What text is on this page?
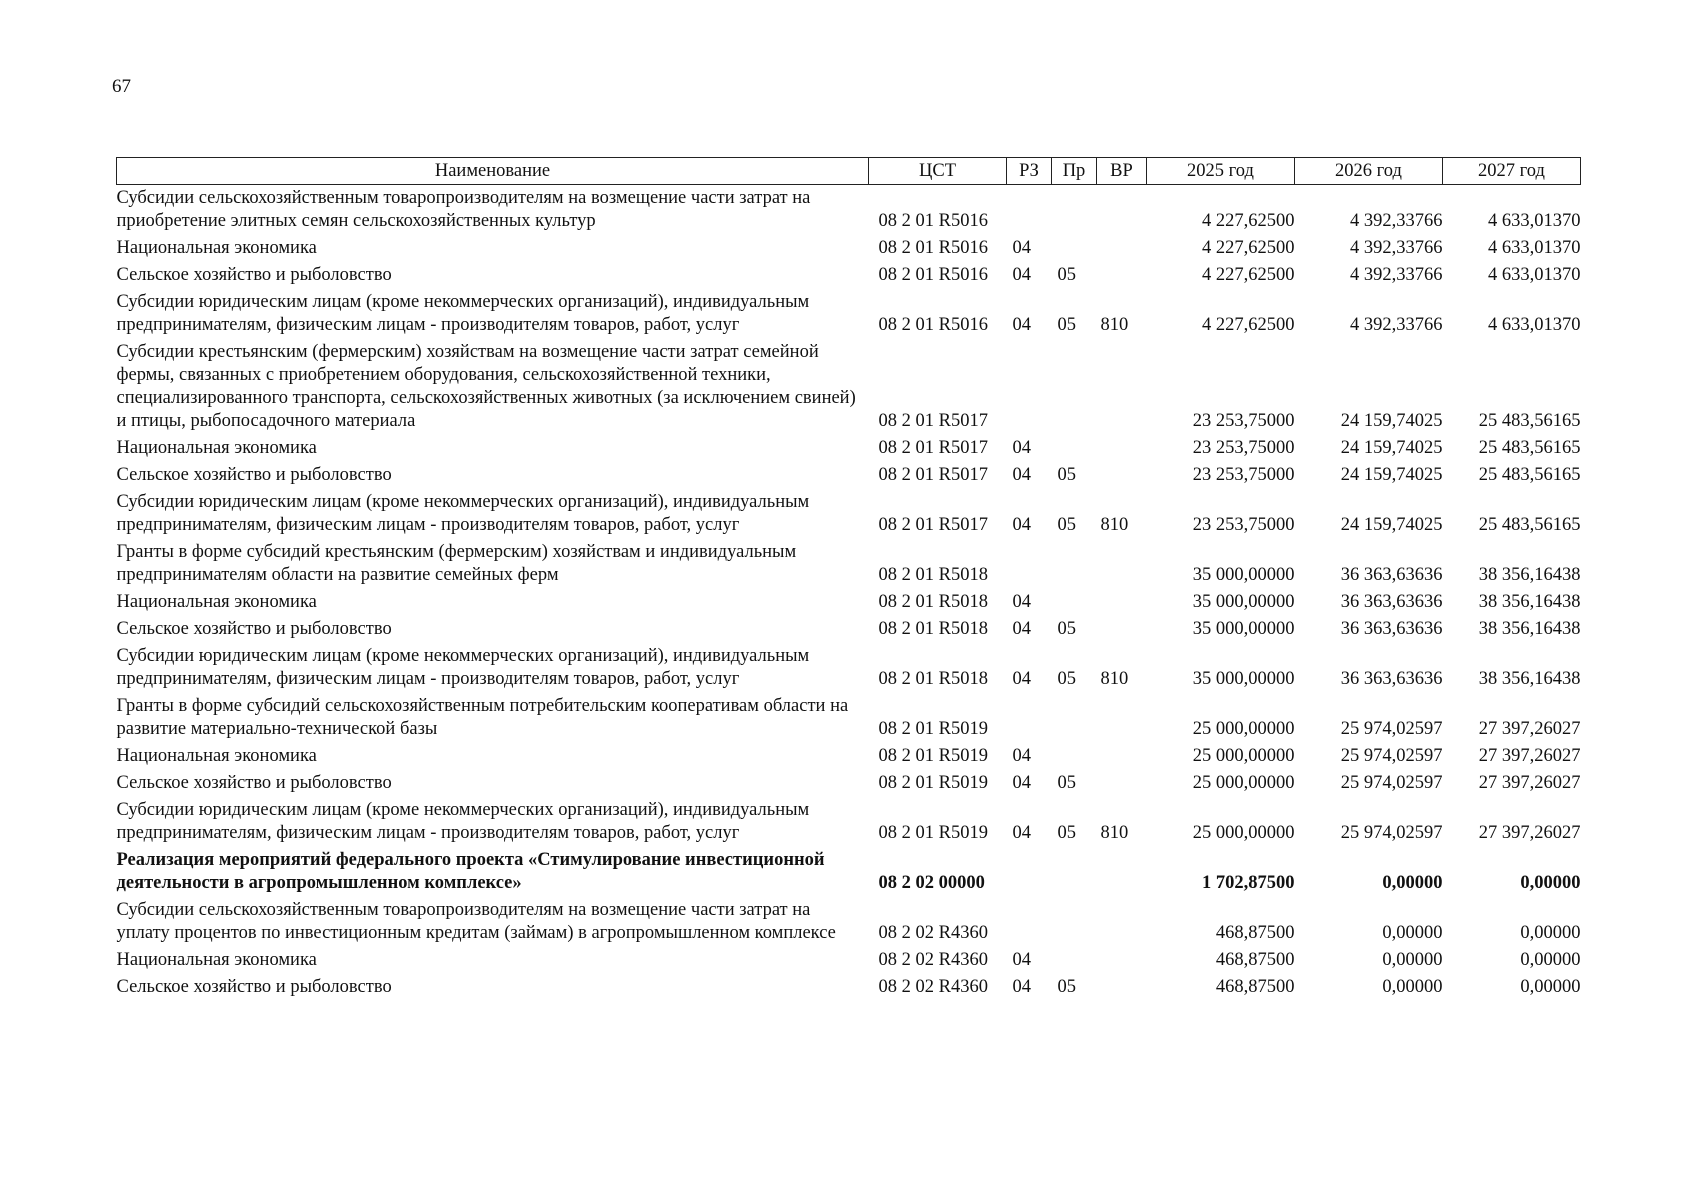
67
Наименование	ЦСТ	РЗ	Пр	ВР	2025 год	2026 год	2027 год
Субсидии сельскохозяйственным товаропроизводителям на возмещение части затрат на приобретение элитных семян сельскохозяйственных культур	08 2 01 R5016				4 227,62500	4 392,33766	4 633,01370
Национальная экономика	08 2 01 R5016	04			4 227,62500	4 392,33766	4 633,01370
Сельское хозяйство и рыболовство	08 2 01 R5016	04	05		4 227,62500	4 392,33766	4 633,01370
Субсидии юридическим лицам (кроме некоммерческих организаций), индивидуальным предпринимателям, физическим лицам - производителям товаров, работ, услуг	08 2 01 R5016	04	05	810	4 227,62500	4 392,33766	4 633,01370
Субсидии крестьянским (фермерским) хозяйствам на возмещение части затрат семейной фермы, связанных с приобретением оборудования, сельскохозяйственной техники, специализированного транспорта, сельскохозяйственных животных (за исключением свиней) и птицы, рыбопосадочного материала	08 2 01 R5017				23 253,75000	24 159,74025	25 483,56165
Национальная экономика	08 2 01 R5017	04			23 253,75000	24 159,74025	25 483,56165
Сельское хозяйство и рыболовство	08 2 01 R5017	04	05		23 253,75000	24 159,74025	25 483,56165
Субсидии юридическим лицам (кроме некоммерческих организаций), индивидуальным предпринимателям, физическим лицам - производителям товаров, работ, услуг	08 2 01 R5017	04	05	810	23 253,75000	24 159,74025	25 483,56165
Гранты в форме субсидий крестьянским (фермерским) хозяйствам и индивидуальным предпринимателям области на развитие семейных ферм	08 2 01 R5018				35 000,00000	36 363,63636	38 356,16438
Национальная экономика	08 2 01 R5018	04			35 000,00000	36 363,63636	38 356,16438
Сельское хозяйство и рыболовство	08 2 01 R5018	04	05		35 000,00000	36 363,63636	38 356,16438
Субсидии юридическим лицам (кроме некоммерческих организаций), индивидуальным предпринимателям, физическим лицам - производителям товаров, работ, услуг	08 2 01 R5018	04	05	810	35 000,00000	36 363,63636	38 356,16438
Гранты в форме субсидий сельскохозяйственным потребительским кооперативам области на развитие материально-технической базы	08 2 01 R5019				25 000,00000	25 974,02597	27 397,26027
Национальная экономика	08 2 01 R5019	04			25 000,00000	25 974,02597	27 397,26027
Сельское хозяйство и рыболовство	08 2 01 R5019	04	05		25 000,00000	25 974,02597	27 397,26027
Субсидии юридическим лицам (кроме некоммерческих организаций), индивидуальным предпринимателям, физическим лицам - производителям товаров, работ, услуг	08 2 01 R5019	04	05	810	25 000,00000	25 974,02597	27 397,26027
Реализация мероприятий федерального проекта «Стимулирование инвестиционной деятельности в агропромышленном комплексе»	08 2 02 00000				1 702,87500	0,00000	0,00000
Субсидии сельскохозяйственным товаропроизводителям на возмещение части затрат на уплату процентов по инвестиционным кредитам (займам) в агропромышленном комплексе	08 2 02 R4360				468,87500	0,00000	0,00000
Национальная экономика	08 2 02 R4360	04			468,87500	0,00000	0,00000
Сельское хозяйство и рыболовство	08 2 02 R4360	04	05		468,87500	0,00000	0,00000
